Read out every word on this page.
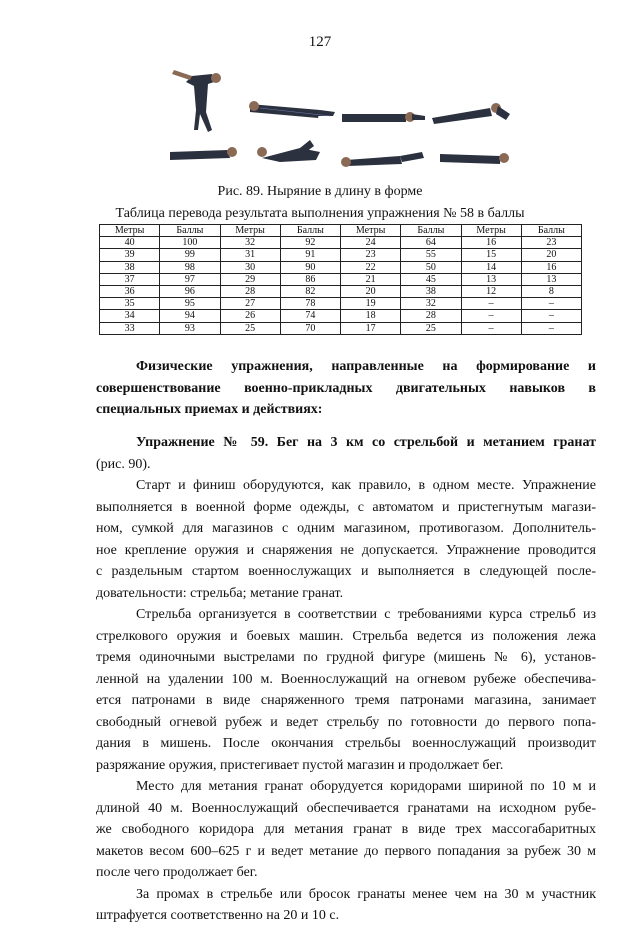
127
Рис. 89. Ныряние в длину в форме
Таблица перевода результата выполнения упражнения № 58 в баллы
Метры	Баллы	Метры	Баллы	Метры	Баллы	Метры	Баллы
40	100	32	92	24	64	16	23
39	99	31	91	23	55	15	20
38	98	30	90	22	50	14	16
37	97	29	86	21	45	13	13
36	96	28	82	20	38	12	8
35	95	27	78	19	32	–	–
34	94	26	74	18	28	–	–
33	93	25	70	17	25	–	–
Физические упражнения, направленные на формирование и
совершенствование военно-прикладных двигательных навыков в
специальных приемах и действиях:
Упражнение № 59. Бег на 3 км со стрельбой и метанием гранат
(рис. 90).
Старт и финиш оборудуются, как правило, в одном месте. Упражнение
выполняется в военной форме одежды, с автоматом и пристегнутым магази-
ном, сумкой для магазинов с одним магазином, противогазом. Дополнитель-
ное крепление оружия и снаряжения не допускается. Упражнение проводится
с раздельным стартом военнослужащих и выполняется в следующей после-
довательности: стрельба; метание гранат.
Стрельба организуется в соответствии с требованиями курса стрельб из
стрелкового оружия и боевых машин. Стрельба ведется из положения лежа
тремя одиночными выстрелами по грудной фигуре (мишень № 6), установ-
ленной на удалении 100 м. Военнослужащий на огневом рубеже обеспечива-
ется патронами в виде снаряженного тремя патронами магазина, занимает
свободный огневой рубеж и ведет стрельбу по готовности до первого попа-
дания в мишень. После окончания стрельбы военнослужащий производит
разряжание оружия, пристегивает пустой магазин и продолжает бег.
Место для метания гранат оборудуется коридорами шириной по 10 м и
длиной 40 м. Военнослужащий обеспечивается гранатами на исходном рубе-
же свободного коридора для метания гранат в виде трех массогабаритных
макетов весом 600–625 г и ведет метание до первого попадания за рубеж 30 м
после чего продолжает бег.
За промах в стрельбе или бросок гранаты менее чем на 30 м участник
штрафуется соответственно на 20 и 10 с.
